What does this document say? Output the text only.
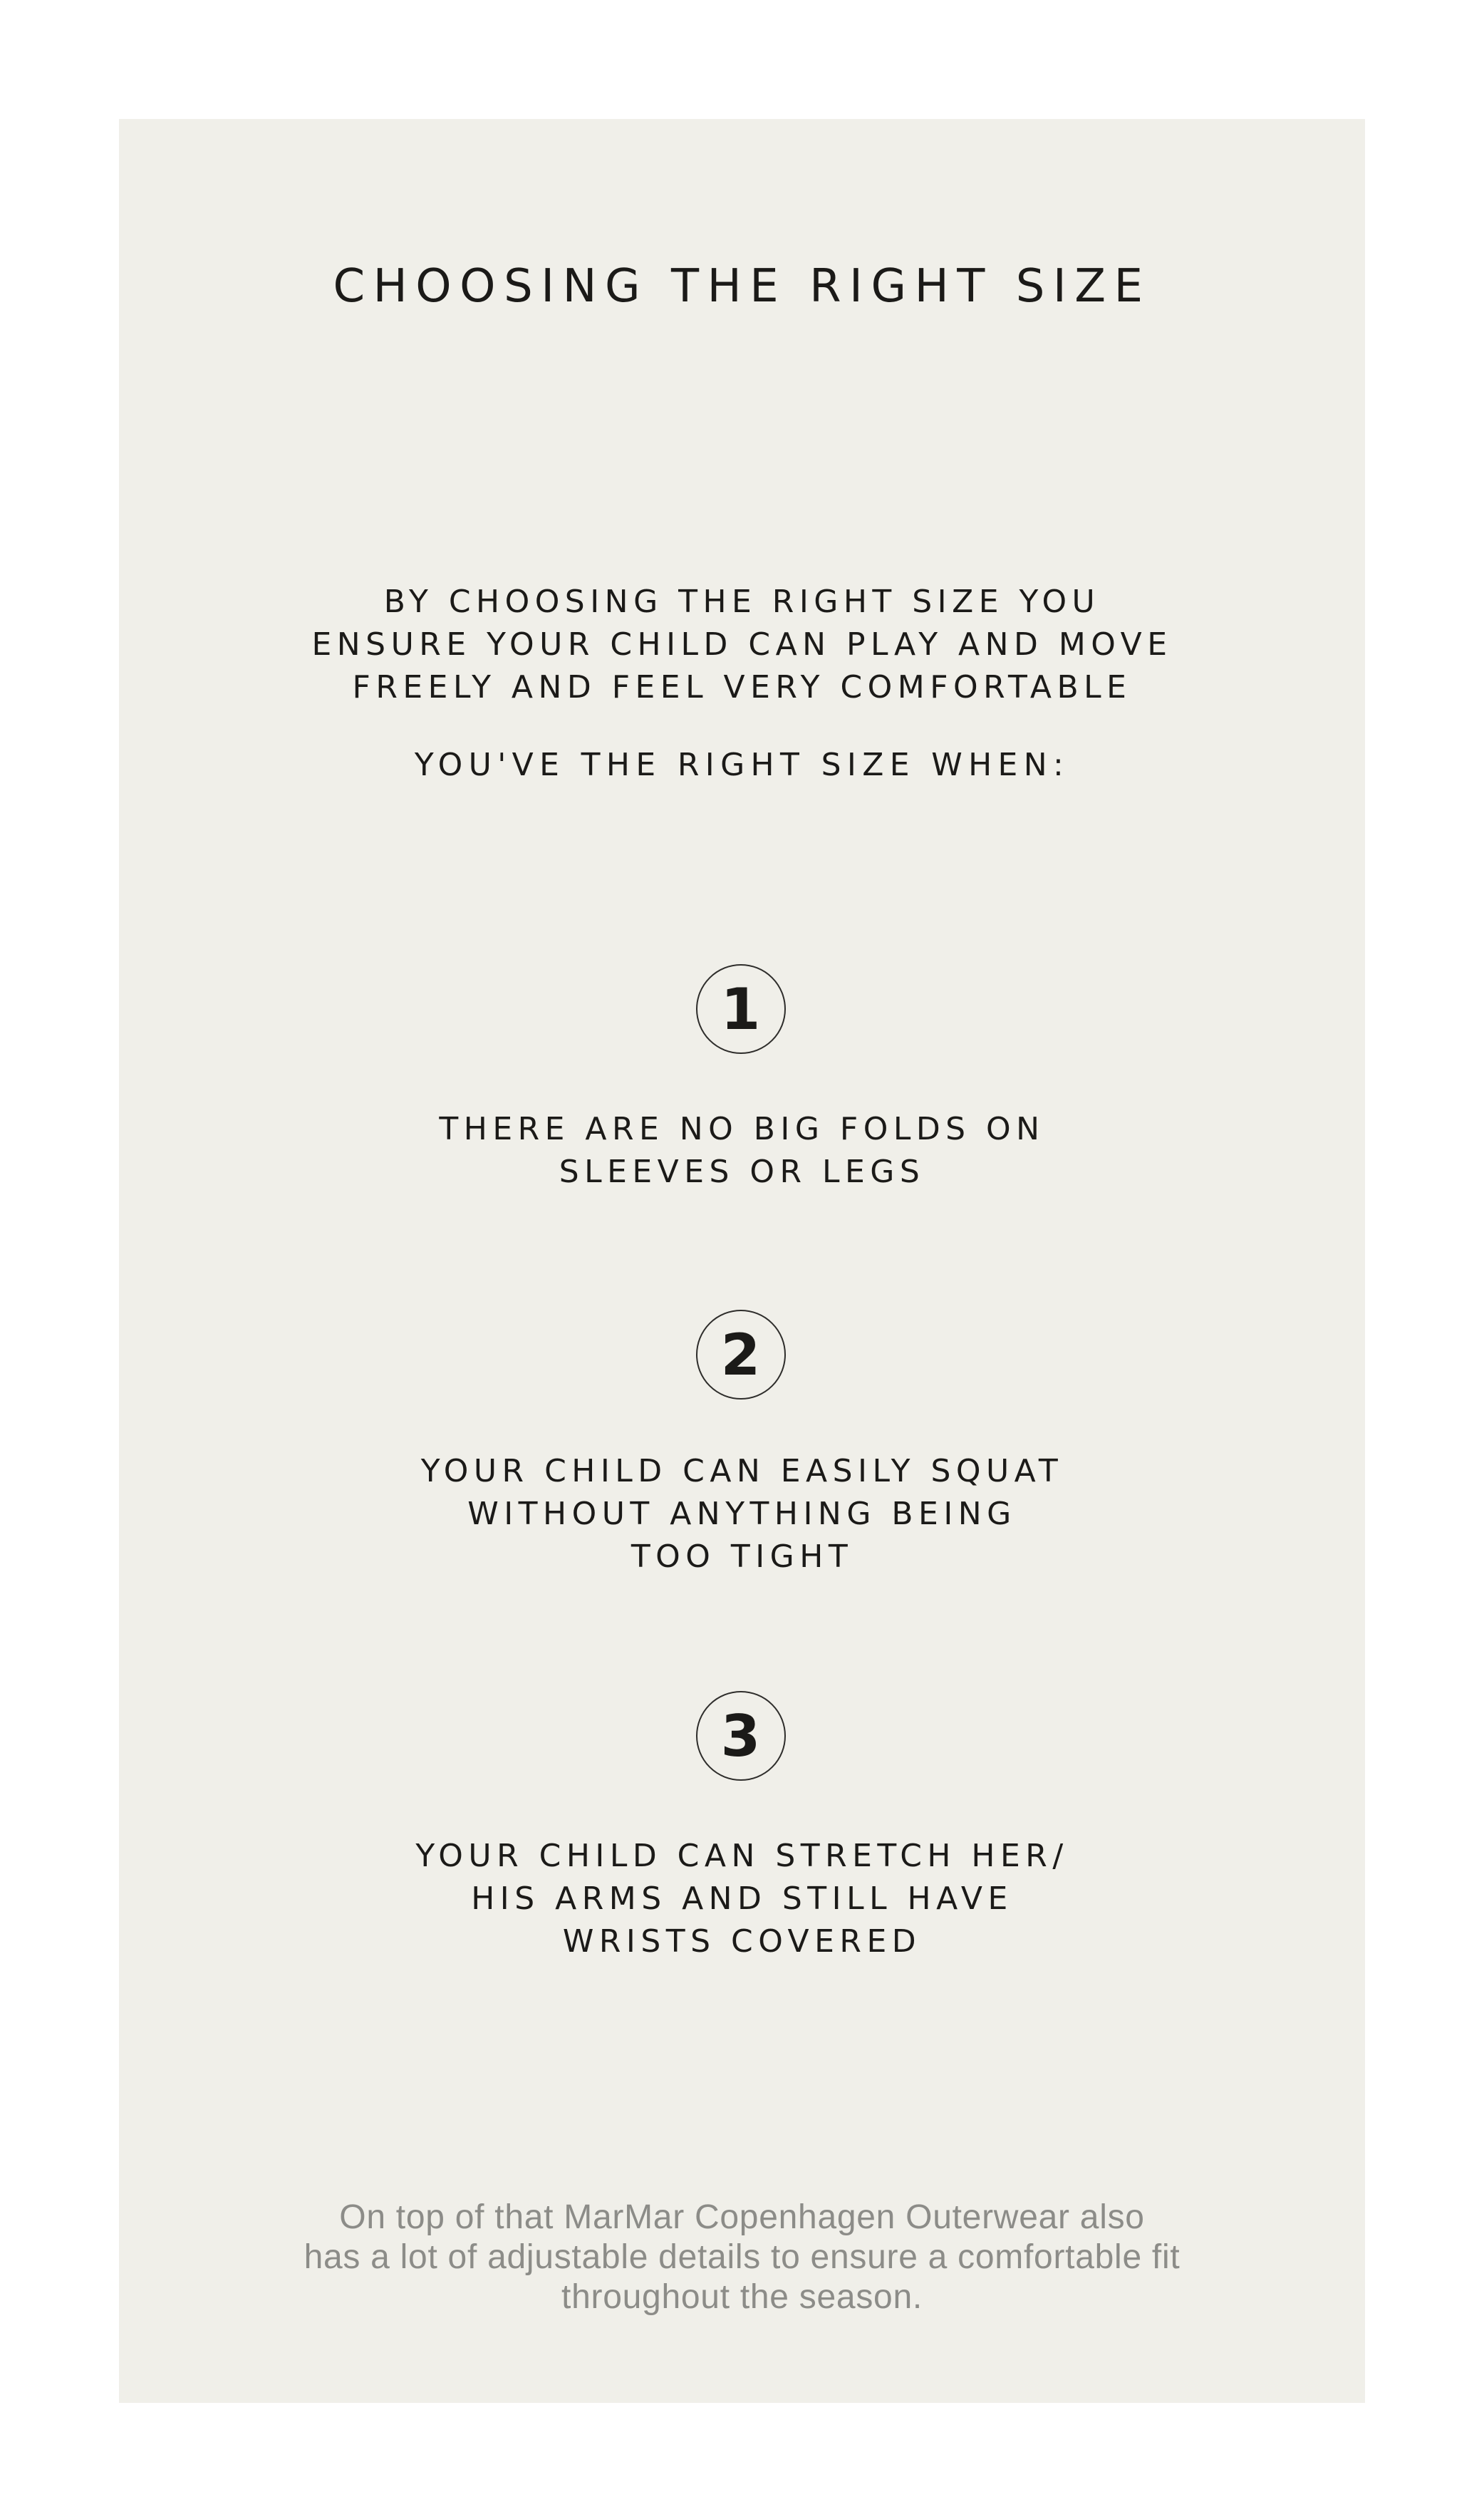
CHOOSING THE RIGHT SIZE
BY CHOOSING THE RIGHT SIZE YOU
ENSURE YOUR CHILD CAN PLAY AND MOVE
FREELY AND FEEL VERY COMFORTABLE
YOU'VE THE RIGHT SIZE WHEN:
1
THERE ARE NO BIG FOLDS ON
SLEEVES OR LEGS
2
YOUR CHILD CAN EASILY SQUAT
WITHOUT ANYTHING BEING
TOO TIGHT
3
YOUR CHILD CAN STRETCH HER/
HIS ARMS AND STILL HAVE
WRISTS COVERED
On top of that MarMar Copenhagen Outerwear also
has a lot of adjustable details to ensure a comfortable fit
throughout the season.
